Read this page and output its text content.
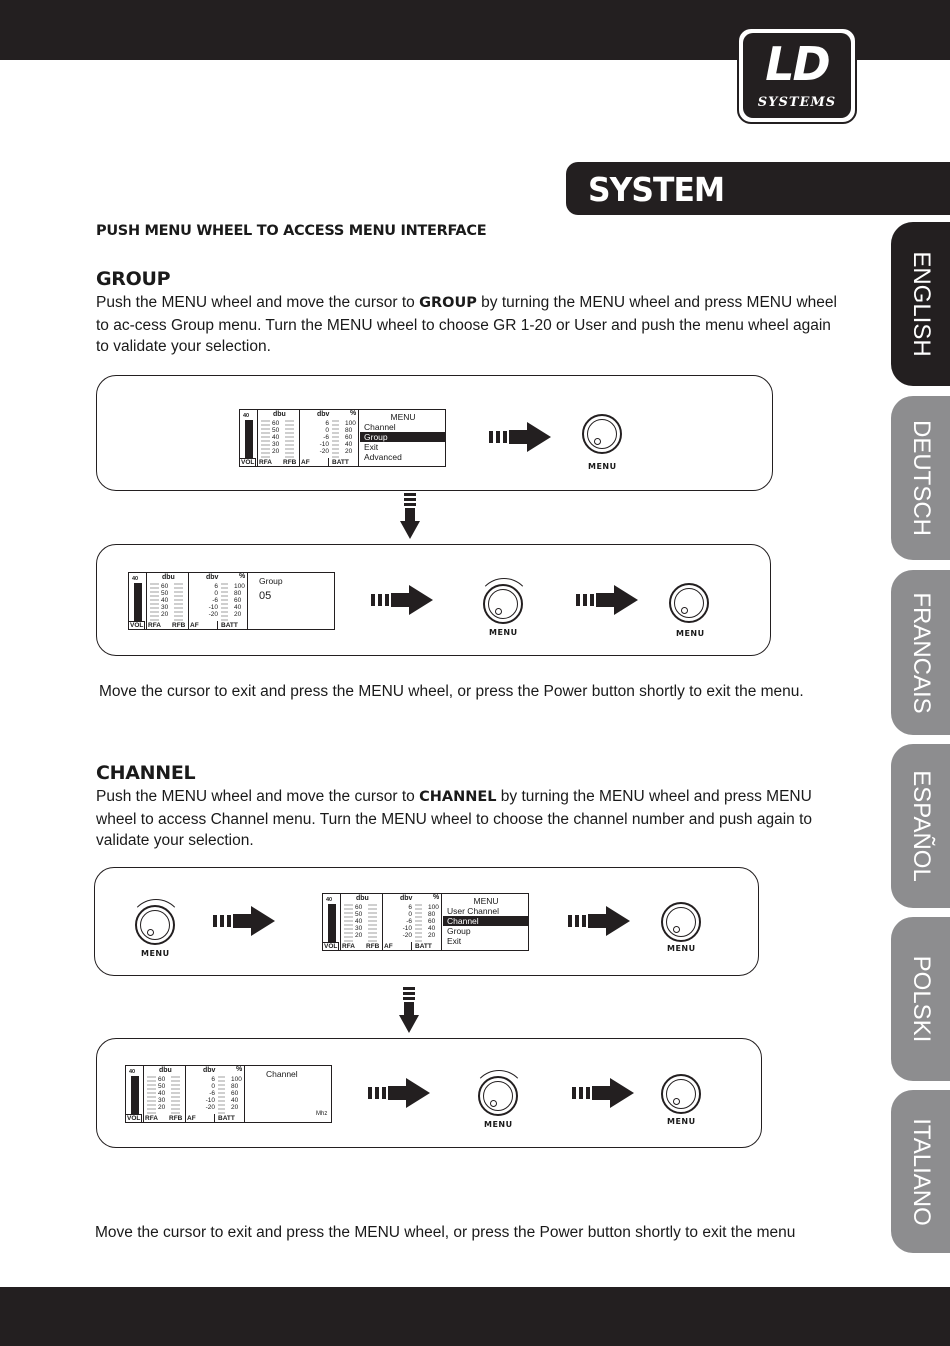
LD
SYSTEMS
SYSTEM
ENGLISH
DEUTSCH
FRANCAIS
ESPAÑOL
POLSKI
ITALIANO
PUSH MENU WHEEL TO ACCESS MENU INTERFACE
GROUP
Push the MENU wheel and move the cursor to GROUP by turning the MENU wheel and press MENU wheel to ac-cess Group menu. Turn the MENU wheel to choose GR 1-20 or User and push the menu wheel again to validate your selection.
Move the cursor to exit and press the MENU wheel, or press the Power button shortly to exit the menu.
CHANNEL
Push the MENU wheel and move the cursor to CHANNEL by turning the MENU wheel and press MENU wheel to access Channel menu. Turn the MENU wheel to choose the channel number and push again to validate your selection.
Move the cursor to exit and press the MENU wheel, or press the Power button shortly to exit the menu
40	dbu
60
50
40
30
20
dbv
6
0
-6
-10
-20
%
100
80
60
40
20
VOL RFA RFB AF	BATT
MENU
Channel
Group
Exit
Advanced
40	dbu
60
50
40
30
20
dbv
6
0
-6
-10
-20
%
100
80
60
40
20
VOL RFA RFB AF	BATT
Group
05
40	dbu
60
50
40
30
20
dbv
6
0
-6
-10
-20
%
100
80
60
40
20
VOL RFA RFB AF	BATT
MENU
User Channel
Channel
Group
Exit
40	dbu
60
50
40
30
20
dbv
6
0
-6
-10
-20
%
100
80
60
40
20
VOL RFA RFB AF	BATT
Channel
Mhz
MENU
MENU	MENU
MENU
MENU
MENU	MENU
